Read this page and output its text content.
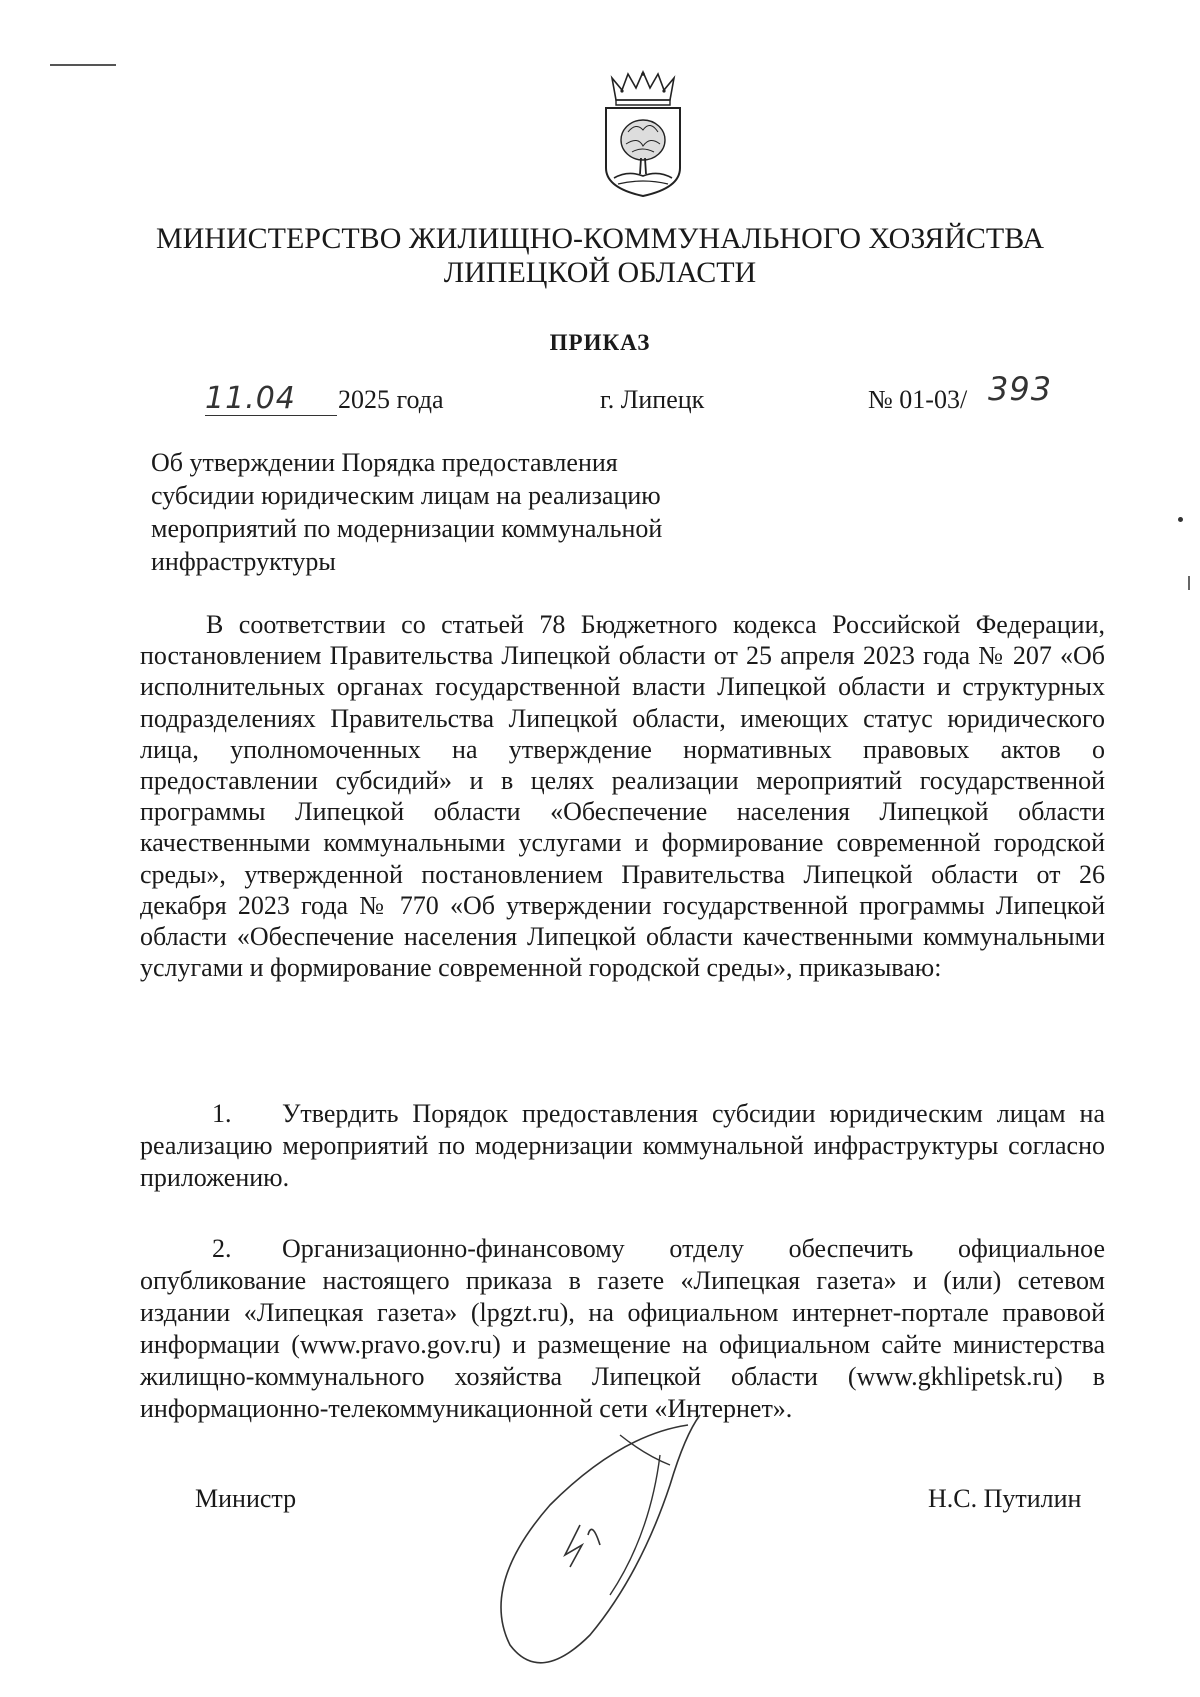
МИНИСТЕРСТВО ЖИЛИЩНО-КОММУНАЛЬНОГО ХОЗЯЙСТВА
ЛИПЕЦКОЙ ОБЛАСТИ
ПРИКАЗ
11.04	2025 года	г. Липецк	№ 01-03/ 393
Об утверждении Порядка предоставления
субсидии юридическим лицам на реализацию
мероприятий по модернизации коммунальной
инфраструктуры
В соответствии со статьей 78 Бюджетного кодекса Российской Федерации, постановлением Правительства Липецкой области от 25 апреля 2023 года № 207 «Об исполнительных органах государственной власти Липецкой области и структурных подразделениях Правительства Липецкой области, имеющих статус юридического лица, уполномоченных на утверждение нормативных правовых актов о предоставлении субсидий» и в целях реализации мероприятий государственной программы Липецкой области «Обеспечение населения Липецкой области качественными коммунальными услугами и формирование современной городской среды», утвержденной постановлением Правительства Липецкой области от 26 декабря 2023 года № 770 «Об утверждении государственной программы Липецкой области «Обеспечение населения Липецкой области качественными коммунальными услугами и формирование современной городской среды», приказываю:
1. Утвердить Порядок предоставления субсидии юридическим лицам на реализацию мероприятий по модернизации коммунальной инфраструктуры согласно приложению.
2. Организационно-финансовому отделу обеспечить официальное опубликование настоящего приказа в газете «Липецкая газета» и (или) сетевом издании «Липецкая газета» (lpgzt.ru), на официальном интернет-портале правовой информации (www.pravo.gov.ru) и размещение на официальном сайте министерства жилищно-коммунального хозяйства Липецкой области (www.gkhlipetsk.ru) в информационно-телекоммуникационной сети «Интернет».
Министр	Н.С. Путилин
